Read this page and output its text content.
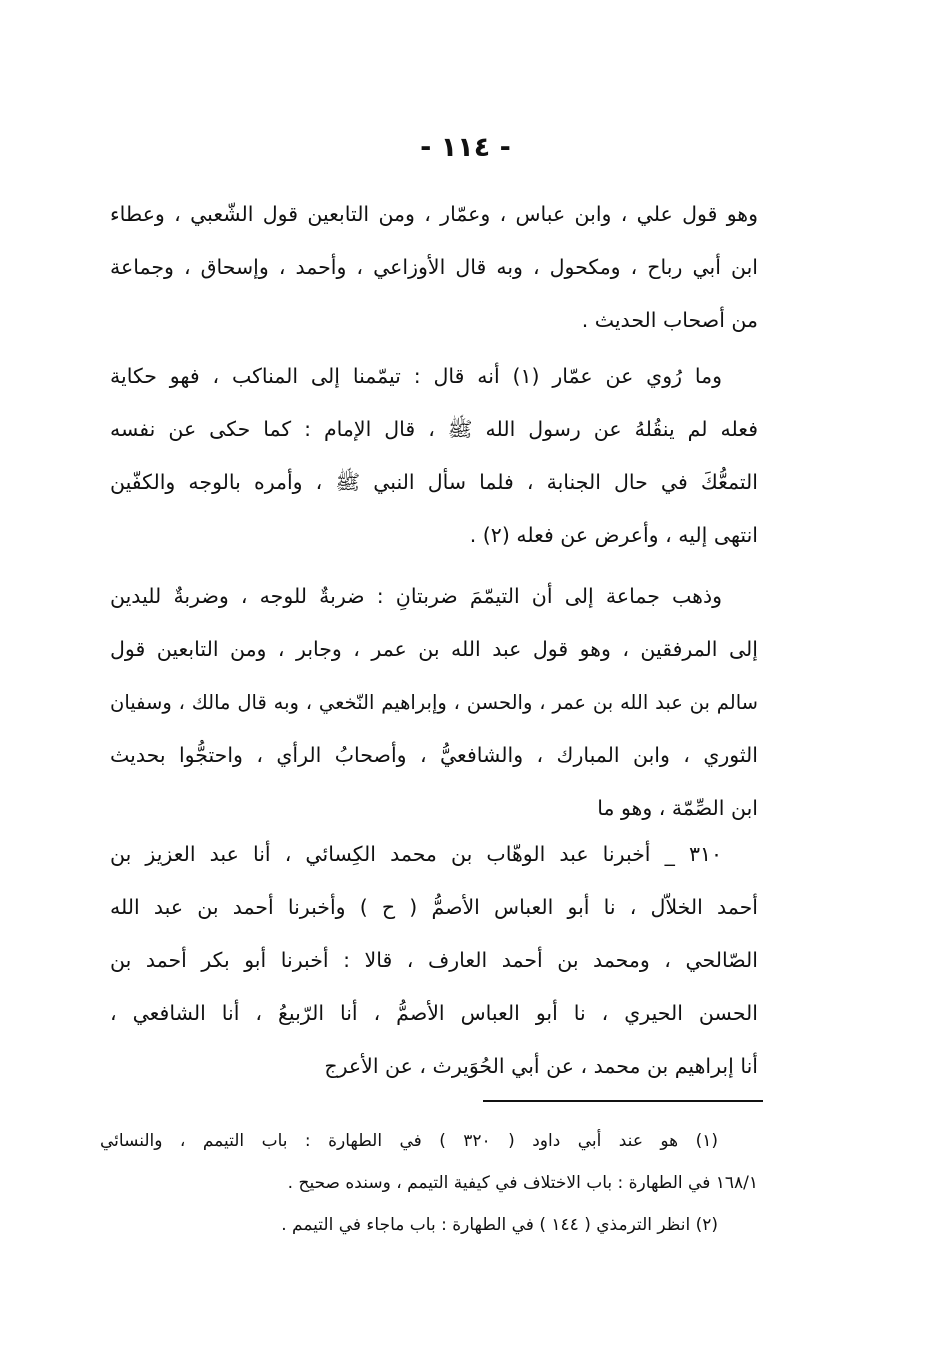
- ١١٤ -
وهو قول علي ، وابن عباس ، وعمّار ، ومن التابعين قول الشّعبي ، وعطاء
ابن أبي رباح ، ومكحول ، وبه قال الأوزاعي ، وأحمد ، وإسحاق ، وجماعة
من أصحاب الحديث .
وما رُوي عن عمّار (١) أنه قال : تيمّمنا إلى المناكب ، فهو حكاية
فعله لم ينقُلهُ عن رسول الله ﷺ ، قال الإمام : كما حكى عن نفسه
التمعُّكَ في حال الجنابة ، فلما سأل النبي ﷺ ، وأمره بالوجه والكفّين
انتهى إليه ، وأعرض عن فعله (٢) .
وذهب جماعة إلى أن التيمّمَ ضربتانِ : ضربةٌ للوجه ، وضربةٌ لليدين
إلى المرفقين ، وهو قول عبد الله بن عمر ، وجابر ، ومن التابعين قول
سالم بن عبد الله بن عمر ، والحسن ، وإبراهيم النّخعي ، وبه قال مالك ، وسفيان
الثوري ، وابن المبارك ، والشافعيُّ ، وأصحابُ الرأي ، واحتجُّوا بحديث
ابن الصِّمّة ، وهو ما
٣١٠ _ أخبرنا عبد الوهّاب بن محمد الكِسائي ، أنا عبد العزيز بن
أحمد الخلاّل ، نا أبو العباس الأصمُّ ( ح ) وأخبرنا أحمد بن عبد الله
الصّالحي ، ومحمد بن أحمد العارف ، قالا : أخبرنا أبو بكر أحمد بن
الحسن الحيري ، نا أبو العباس الأصمُّ ، أنا الرّبيعُ ، أنا الشافعي ،
أنا إبراهيم بن محمد ، عن أبي الحُوَيرث ، عن الأعرج
(١) هو عند أبي داود ( ٣٢٠ ) في الطهارة : باب التيمم ، والنسائي
١٦٨/١ في الطهارة : باب الاختلاف في كيفية التيمم ، وسنده صحيح .
(٢) انظر الترمذي ( ١٤٤ ) في الطهارة : باب ماجاء في التيمم .
